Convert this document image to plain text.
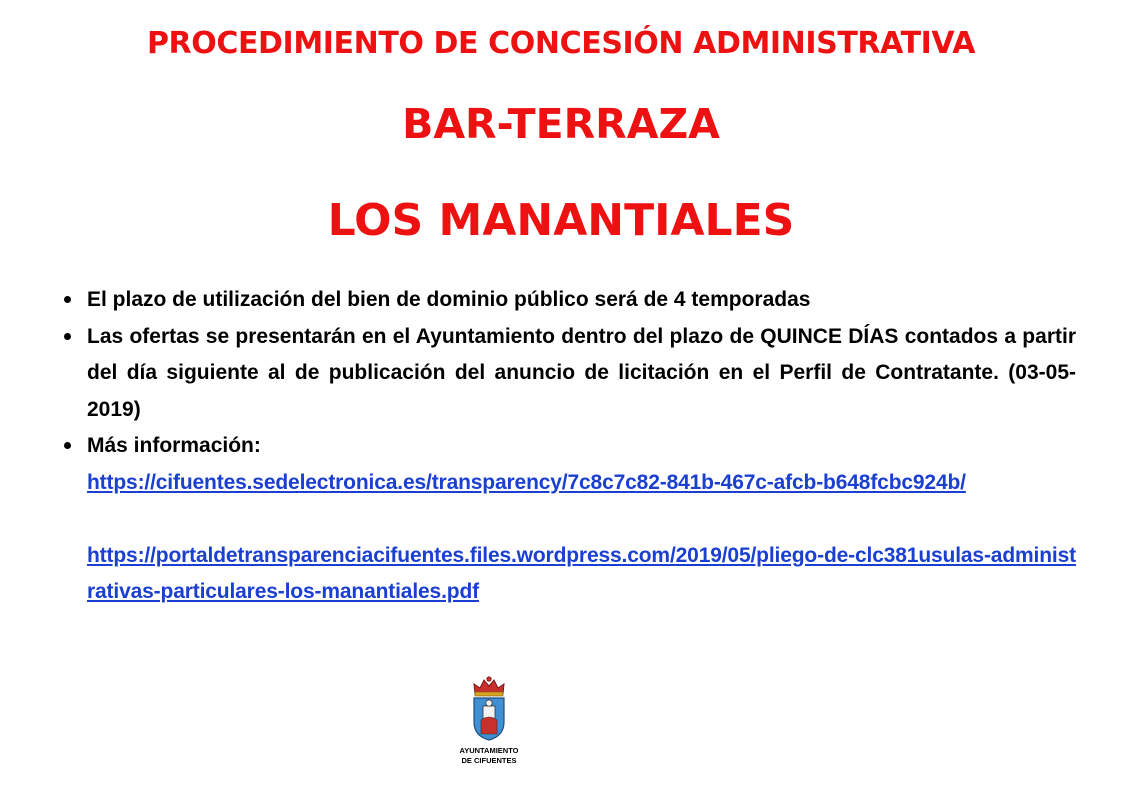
PROCEDIMIENTO DE CONCESIÓN ADMINISTRATIVA
BAR-TERRAZA
LOS MANANTIALES
El plazo de utilización del bien de dominio público será de 4 temporadas
Las ofertas se presentarán en el Ayuntamiento dentro del plazo de QUINCE DÍAS contados a partir del día siguiente al de publicación del anuncio de licitación en el Perfil de Contratante. (03-05-2019)
Más información:
https://cifuentes.sedelectronica.es/transparency/7c8c7c82-841b-467c-afcb-b648fcbc924b/
https://portaldetransparenciacifuentes.files.wordpress.com/2019/05/pliego-de-clc381usulas-administrativas-particulares-los-manantiales.pdf
AYUNTAMIENTO
DE CIFUENTES
